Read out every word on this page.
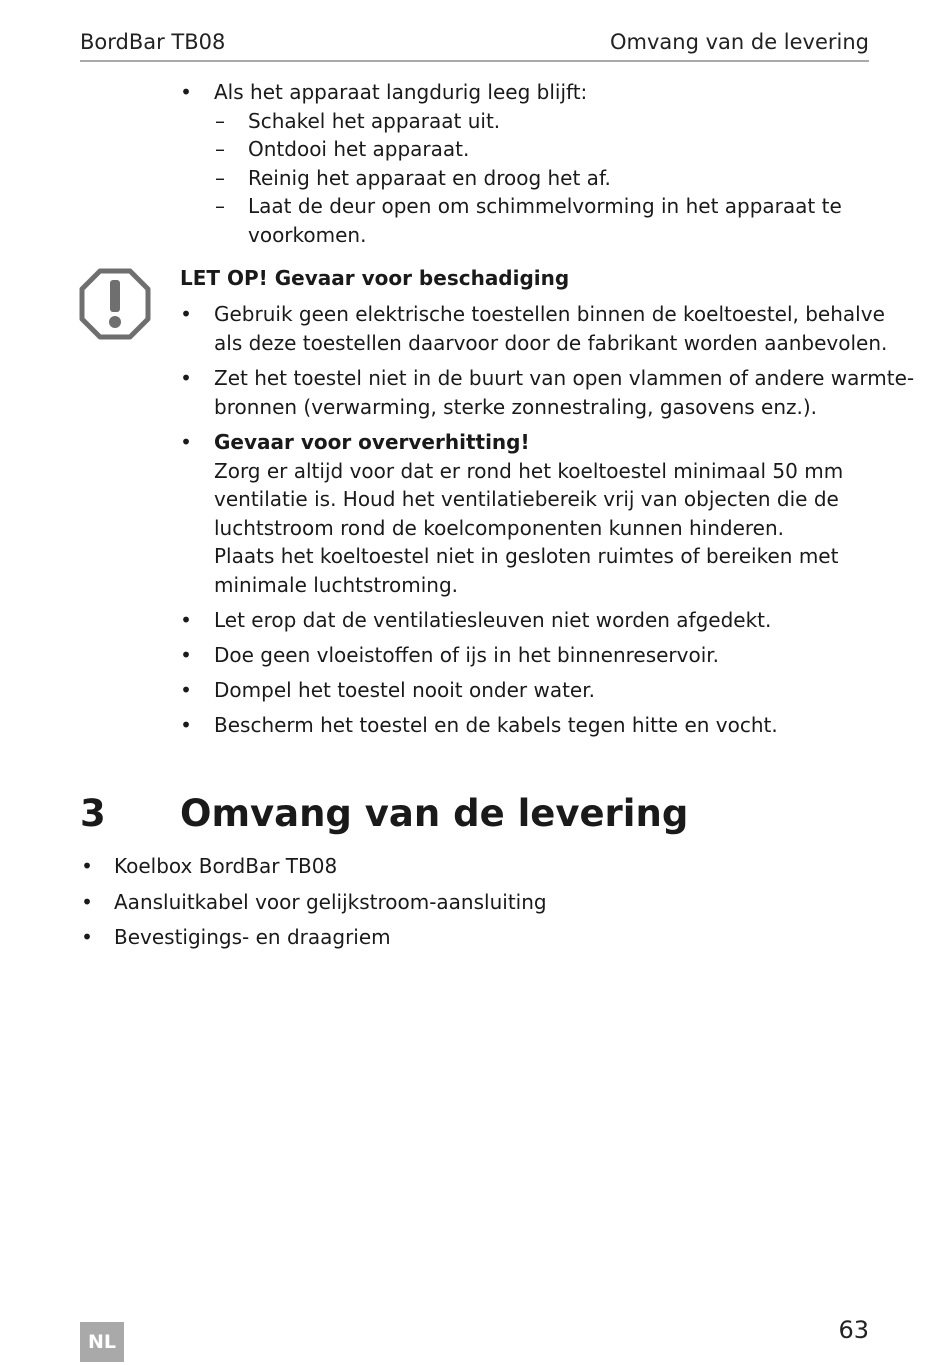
BordBar TB08	Omvang van de levering
• Als het apparaat langdurig leeg blijft:
– Schakel het apparaat uit.
– Ontdooi het apparaat.
– Reinig het apparaat en droog het af.
– Laat de deur open om schimmelvorming in het apparaat te
voorkomen.
LET OP! Gevaar voor beschadiging
• Gebruik geen elektrische toestellen binnen de koeltoestel, behalve
als deze toestellen daarvoor door de fabrikant worden aanbevolen.
• Zet het toestel niet in de buurt van open vlammen of andere warmte-
bronnen (verwarming, sterke zonnestraling, gasovens enz.).
• Gevaar voor oververhitting!
Zorg er altijd voor dat er rond het koeltoestel minimaal 50 mm
ventilatie is. Houd het ventilatiebereik vrij van objecten die de
luchtstroom rond de koelcomponenten kunnen hinderen.
Plaats het koeltoestel niet in gesloten ruimtes of bereiken met
minimale luchtstroming.
• Let erop dat de ventilatiesleuven niet worden afgedekt.
• Doe geen vloeistoffen of ijs in het binnenreservoir.
• Dompel het toestel nooit onder water.
• Bescherm het toestel en de kabels tegen hitte en vocht.
3 Omvang van de levering
• Koelbox BordBar TB08
• Aansluitkabel voor gelijkstroom-aansluiting
• Bevestigings- en draagriem
NL	63
